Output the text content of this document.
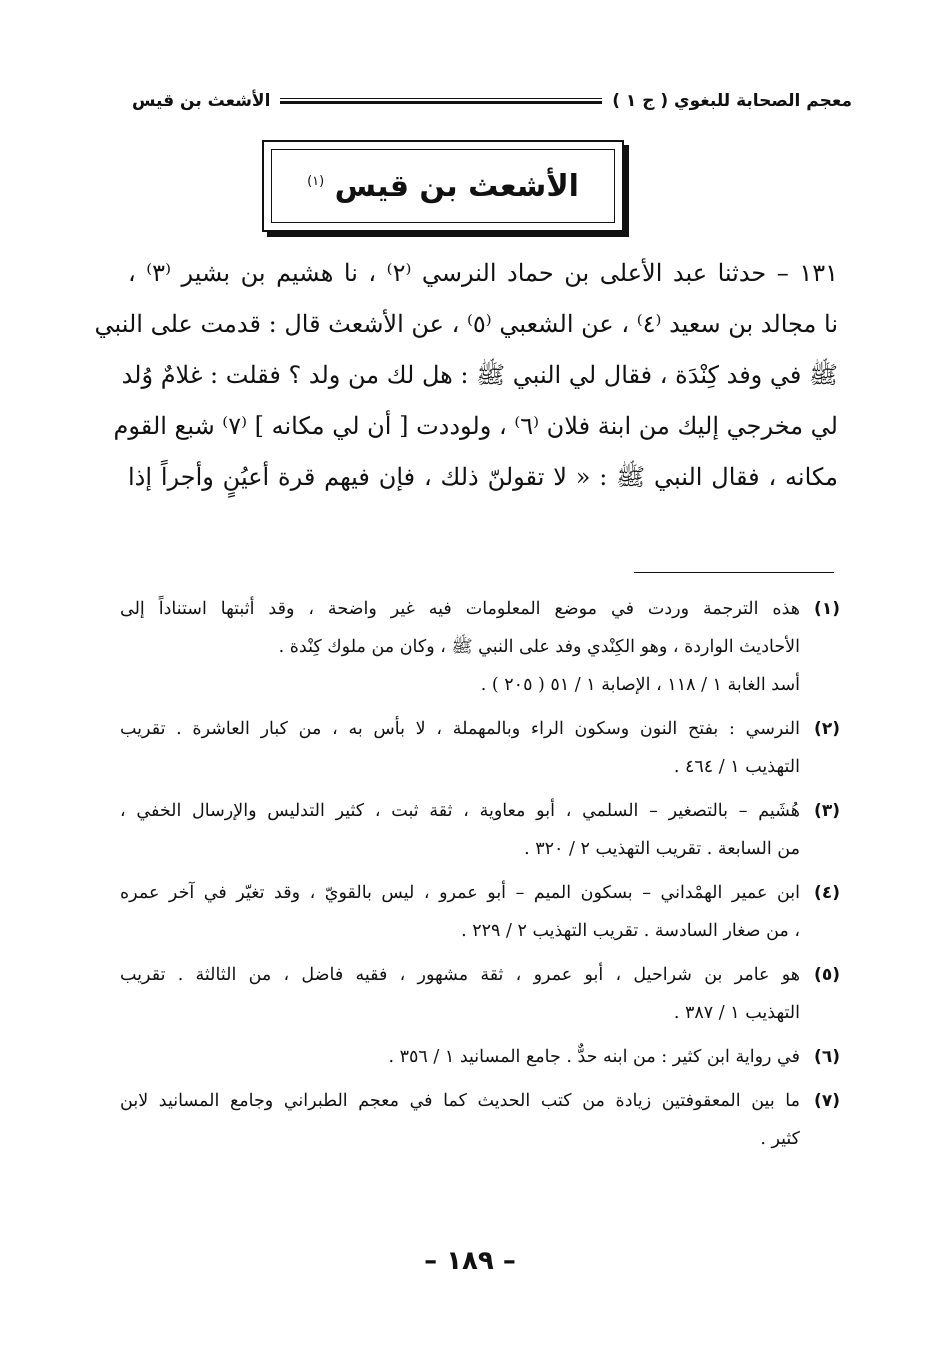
معجم الصحابة للبغوي ( ج ١ )
الأشعث بن قيس
الأشعث بن قيس $^{(١)}$
١٣١ – حدثنا عبد الأعلى بن حماد النرسي ⁽٢⁾ ، نا هشيم بن بشير ⁽٣⁾ ،
نا مجالد بن سعيد ⁽٤⁾ ، عن الشعبي ⁽٥⁾ ، عن الأشعث قال : قدمت على النبي
ﷺ في وفد كِنْدَة ، فقال لي النبي ﷺ : هل لك من ولد ؟ فقلت : غلامٌ وُلد
لي مخرجي إليك من ابنة فلان ⁽٦⁾ ، ولوددت [ أن لي مكانه ] ⁽٧⁾ شبع القوم
مكانه ، فقال النبي ﷺ : « لا تقولنّ ذلك ، فإن فيهم قرة أعيُنٍ وأجراً إذا
(١)
هذه الترجمة وردت في موضع المعلومات فيه غير واضحة ، وقد أثبتها استناداً إلى
الأحاديث الواردة ، وهو الكِنْدي وفد على النبي ﷺ ، وكان من ملوك كِنْدة .
أسد الغابة ١ / ١١٨ ، الإصابة ١ / ٥١ ( ٢٠٥ ) .
(٢)
النرسي : بفتح النون وسكون الراء وبالمهملة ، لا بأس به ، من كبار العاشرة . تقريب
التهذيب ١ / ٤٦٤ .
(٣)
هُشَيم – بالتصغير – السلمي ، أبو معاوية ، ثقة ثبت ، كثير التدليس والإرسال الخفي ،
من السابعة . تقريب التهذيب ٢ / ٣٢٠ .
(٤)
ابن عمير الهمْداني – بسكون الميم – أبو عمرو ، ليس بالقويّ ، وقد تغيّر في آخر عمره
، من صغار السادسة . تقريب التهذيب ٢ / ٢٢٩ .
(٥)
هو عامر بن شراحيل ، أبو عمرو ، ثقة مشهور ، فقيه فاضل ، من الثالثة . تقريب
التهذيب ١ / ٣٨٧ .
(٦)
في رواية ابن كثير : من ابنه حدٌّ . جامع المسانيد ١ / ٣٥٦ .
(٧)
ما بين المعقوفتين زيادة من كتب الحديث كما في معجم الطبراني وجامع المسانيد لابن
كثير .
– ١٨٩ –
